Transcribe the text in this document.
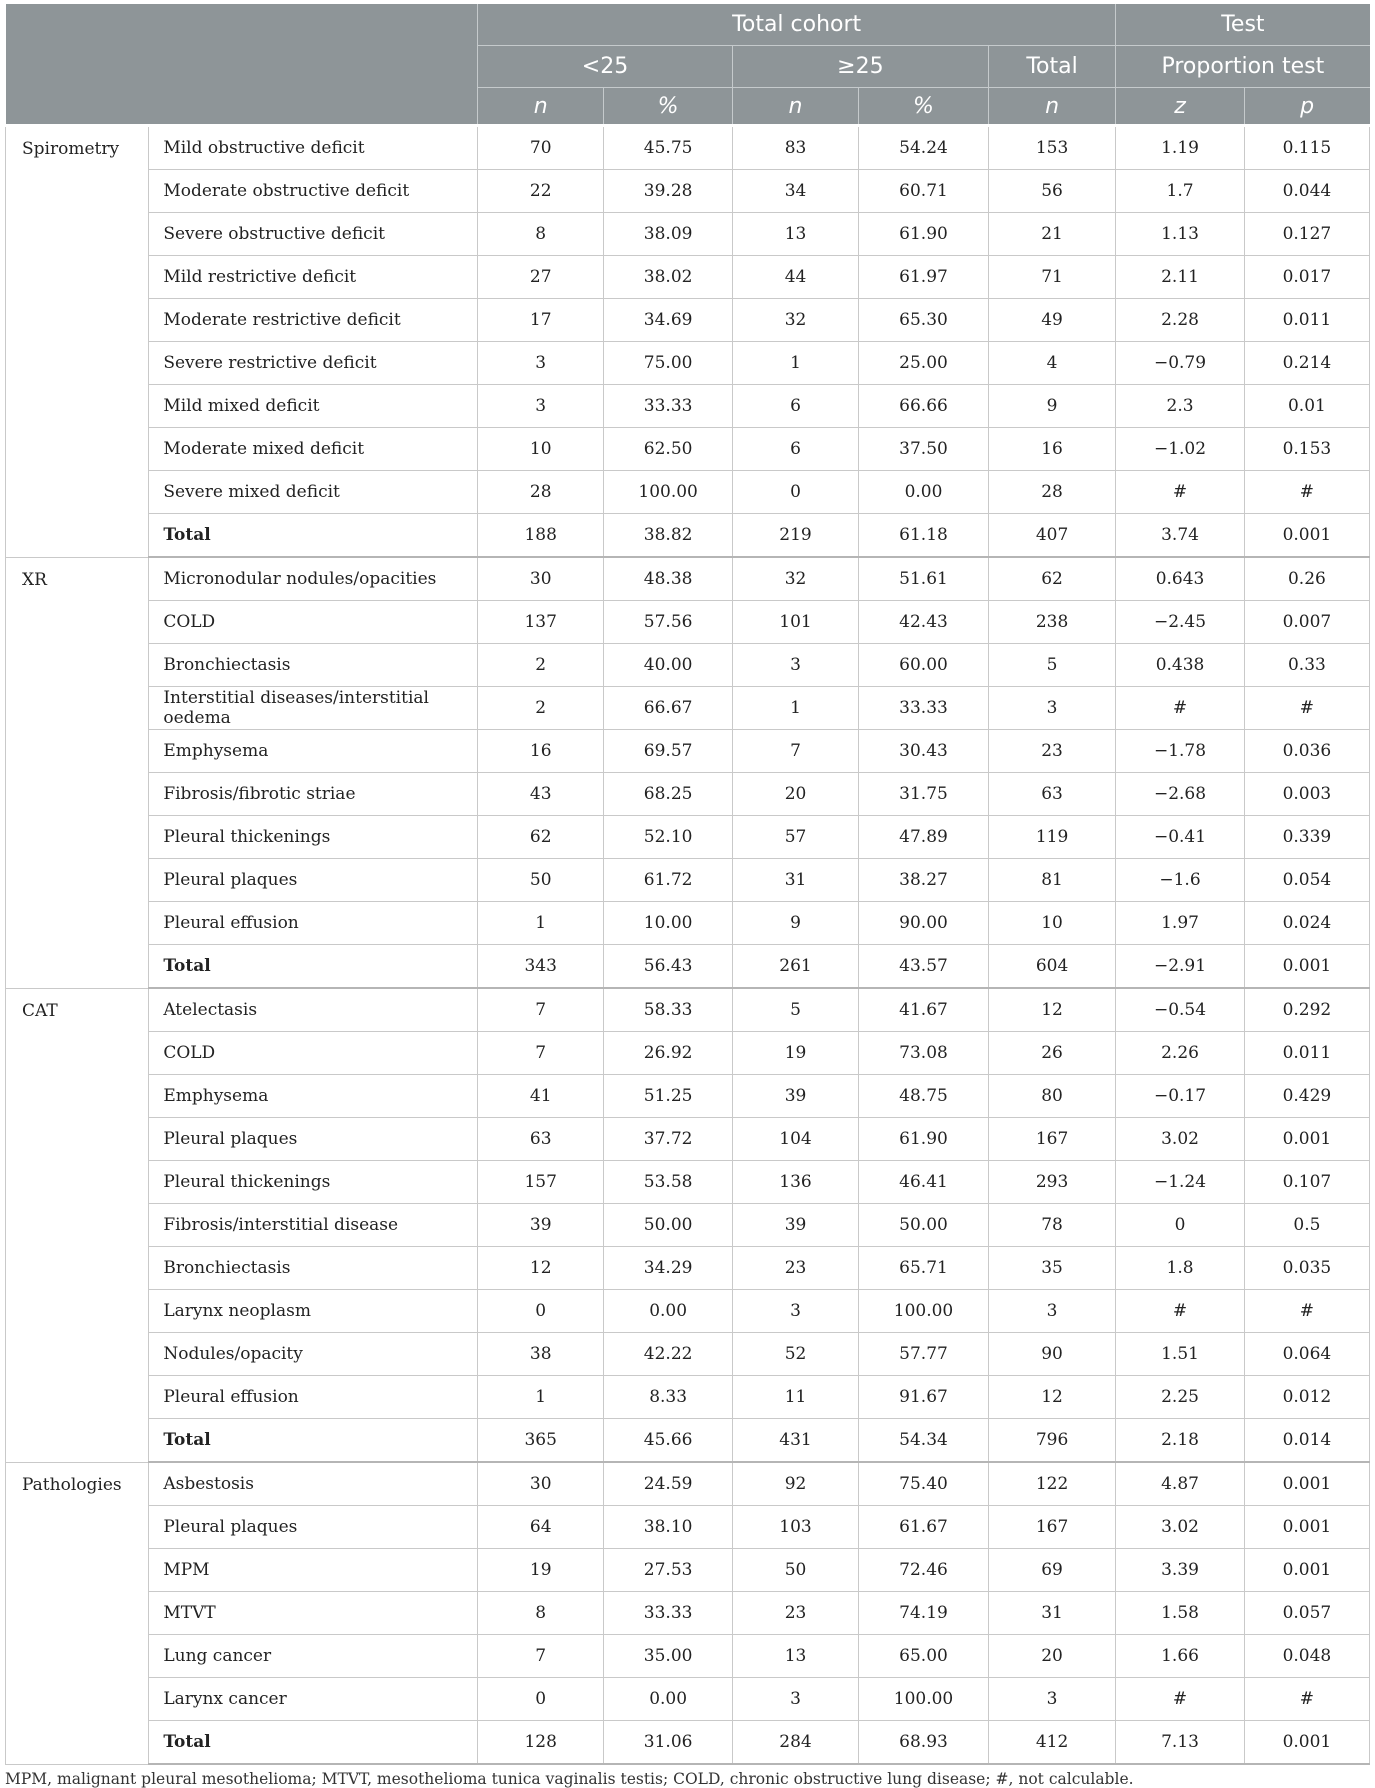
		Total cohort					Test	
		<25		≥25		Total	Proportion test	
		n	%	n	%	n	z	p
Spirometry	Mild obstructive deficit	70	45.75	83	54.24	153	1.19	0.115
	Moderate obstructive deficit	22	39.28	34	60.71	56	1.7	0.044
	Severe obstructive deficit	8	38.09	13	61.90	21	1.13	0.127
	Mild restrictive deficit	27	38.02	44	61.97	71	2.11	0.017
	Moderate restrictive deficit	17	34.69	32	65.30	49	2.28	0.011
	Severe restrictive deficit	3	75.00	1	25.00	4	−0.79	0.214
	Mild mixed deficit	3	33.33	6	66.66	9	2.3	0.01
	Moderate mixed deficit	10	62.50	6	37.50	16	−1.02	0.153
	Severe mixed deficit	28	100.00	0	0.00	28	#	#
	Total	188	38.82	219	61.18	407	3.74	0.001
XR	Micronodular nodules/opacities	30	48.38	32	51.61	62	0.643	0.26
	COLD	137	57.56	101	42.43	238	−2.45	0.007
	Bronchiectasis	2	40.00	3	60.00	5	0.438	0.33
	Interstitial diseases/interstitial oedema	2	66.67	1	33.33	3	#	#
	Emphysema	16	69.57	7	30.43	23	−1.78	0.036
	Fibrosis/fibrotic striae	43	68.25	20	31.75	63	−2.68	0.003
	Pleural thickenings	62	52.10	57	47.89	119	−0.41	0.339
	Pleural plaques	50	61.72	31	38.27	81	−1.6	0.054
	Pleural effusion	1	10.00	9	90.00	10	1.97	0.024
	Total	343	56.43	261	43.57	604	−2.91	0.001
CAT	Atelectasis	7	58.33	5	41.67	12	−0.54	0.292
	COLD	7	26.92	19	73.08	26	2.26	0.011
	Emphysema	41	51.25	39	48.75	80	−0.17	0.429
	Pleural plaques	63	37.72	104	61.90	167	3.02	0.001
	Pleural thickenings	157	53.58	136	46.41	293	−1.24	0.107
	Fibrosis/interstitial disease	39	50.00	39	50.00	78	0	0.5
	Bronchiectasis	12	34.29	23	65.71	35	1.8	0.035
	Larynx neoplasm	0	0.00	3	100.00	3	#	#
	Nodules/opacity	38	42.22	52	57.77	90	1.51	0.064
	Pleural effusion	1	8.33	11	91.67	12	2.25	0.012
	Total	365	45.66	431	54.34	796	2.18	0.014
Pathologies	Asbestosis	30	24.59	92	75.40	122	4.87	0.001
	Pleural plaques	64	38.10	103	61.67	167	3.02	0.001
	MPM	19	27.53	50	72.46	69	3.39	0.001
	MTVT	8	33.33	23	74.19	31	1.58	0.057
	Lung cancer	7	35.00	13	65.00	20	1.66	0.048
	Larynx cancer	0	0.00	3	100.00	3	#	#
	Total	128	31.06	284	68.93	412	7.13	0.001
MPM, malignant pleural mesothelioma; MTVT, mesothelioma tunica vaginalis testis; COLD, chronic obstructive lung disease; #, not calculable.
